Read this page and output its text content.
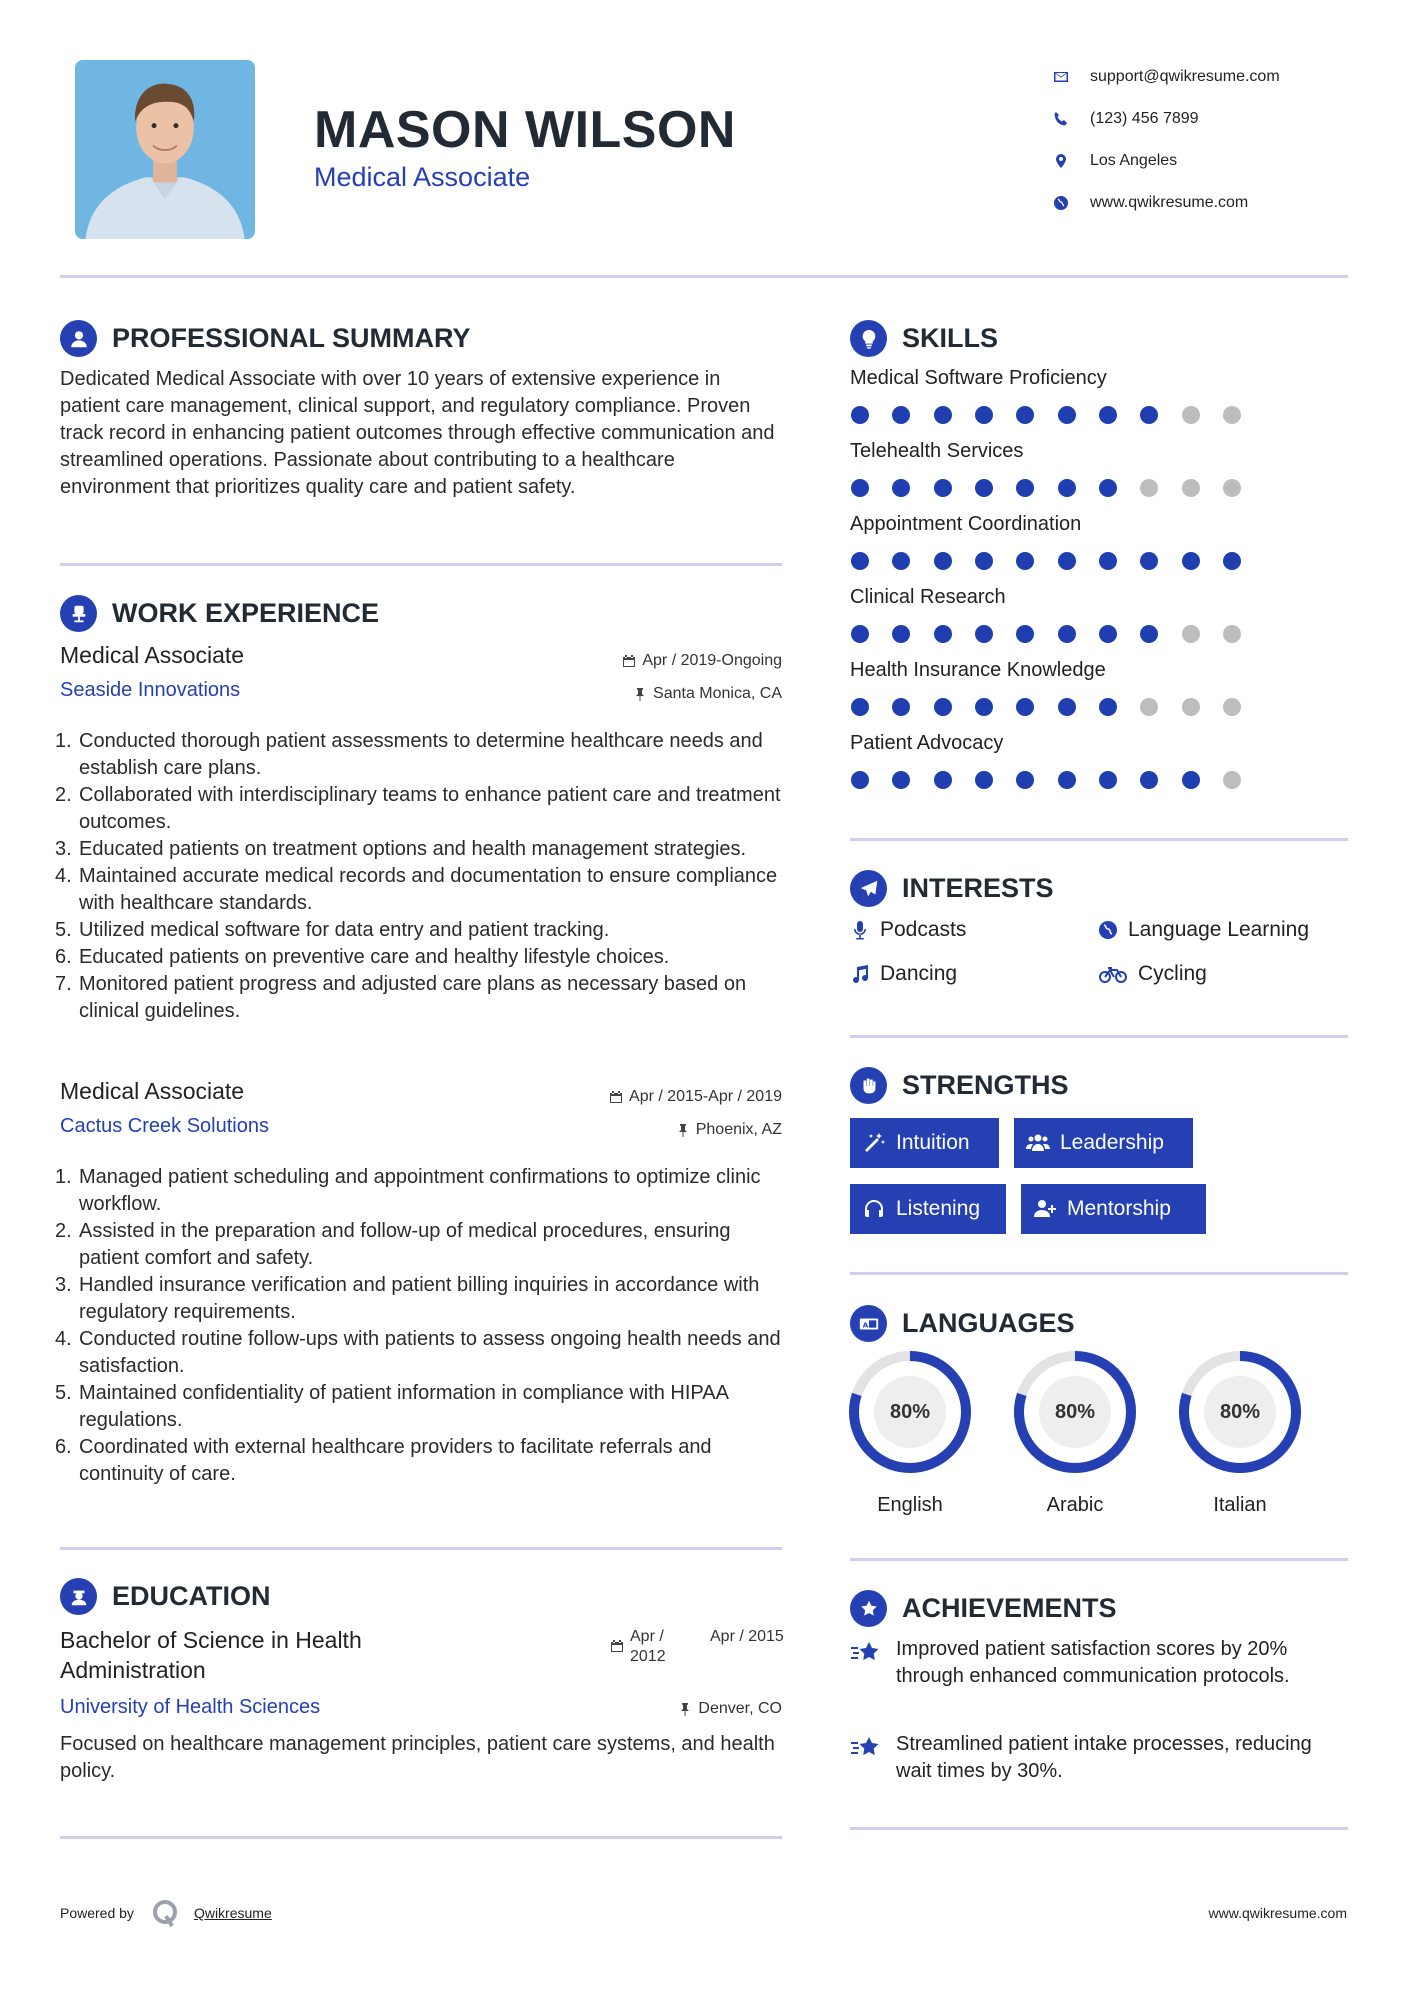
MASON WILSON
Medical Associate
support@qwikresume.com
(123) 456 7899
Los Angeles
www.qwikresume.com
PROFESSIONAL SUMMARY
Dedicated Medical Associate with over 10 years of extensive experience in patient care management, clinical support, and regulatory compliance. Proven track record in enhancing patient outcomes through effective communication and streamlined operations. Passionate about contributing to a healthcare environment that prioritizes quality care and patient safety.
WORK EXPERIENCE
Medical Associate	Apr / 2019-Ongoing
Seaside Innovations	Santa Monica, CA
1. Conducted thorough patient assessments to determine healthcare needs and establish care plans.
2. Collaborated with interdisciplinary teams to enhance patient care and treatment outcomes.
3. Educated patients on treatment options and health management strategies.
4. Maintained accurate medical records and documentation to ensure compliance with healthcare standards.
5. Utilized medical software for data entry and patient tracking.
6. Educated patients on preventive care and healthy lifestyle choices.
7. Monitored patient progress and adjusted care plans as necessary based on clinical guidelines.
Medical Associate	Apr / 2015-Apr / 2019
Cactus Creek Solutions	Phoenix, AZ
1. Managed patient scheduling and appointment confirmations to optimize clinic workflow.
2. Assisted in the preparation and follow-up of medical procedures, ensuring patient comfort and safety.
3. Handled insurance verification and patient billing inquiries in accordance with regulatory requirements.
4. Conducted routine follow-ups with patients to assess ongoing health needs and satisfaction.
5. Maintained confidentiality of patient information in compliance with HIPAA regulations.
6. Coordinated with external healthcare providers to facilitate referrals and continuity of care.
EDUCATION
Bachelor of Science in Health Administration
Apr / 2012
Apr / 2015
University of Health Sciences	Denver, CO
Focused on healthcare management principles, patient care systems, and health policy.
SKILLS
Medical Software Proficiency
Telehealth Services
Appointment Coordination
Clinical Research
Health Insurance Knowledge
Patient Advocacy
INTERESTS
Podcasts	Language Learning
Dancing	Cycling
STRENGTHS
Intuition	Leadership
Listening	Mentorship
A LANGUAGES
80%
English
80%
Arabic
80%
Italian
ACHIEVEMENTS
Improved patient satisfaction scores by 20% through enhanced communication protocols.
Streamlined patient intake processes, reducing wait times by 30%.
Powered by	Qwikresume	www.qwikresume.com
